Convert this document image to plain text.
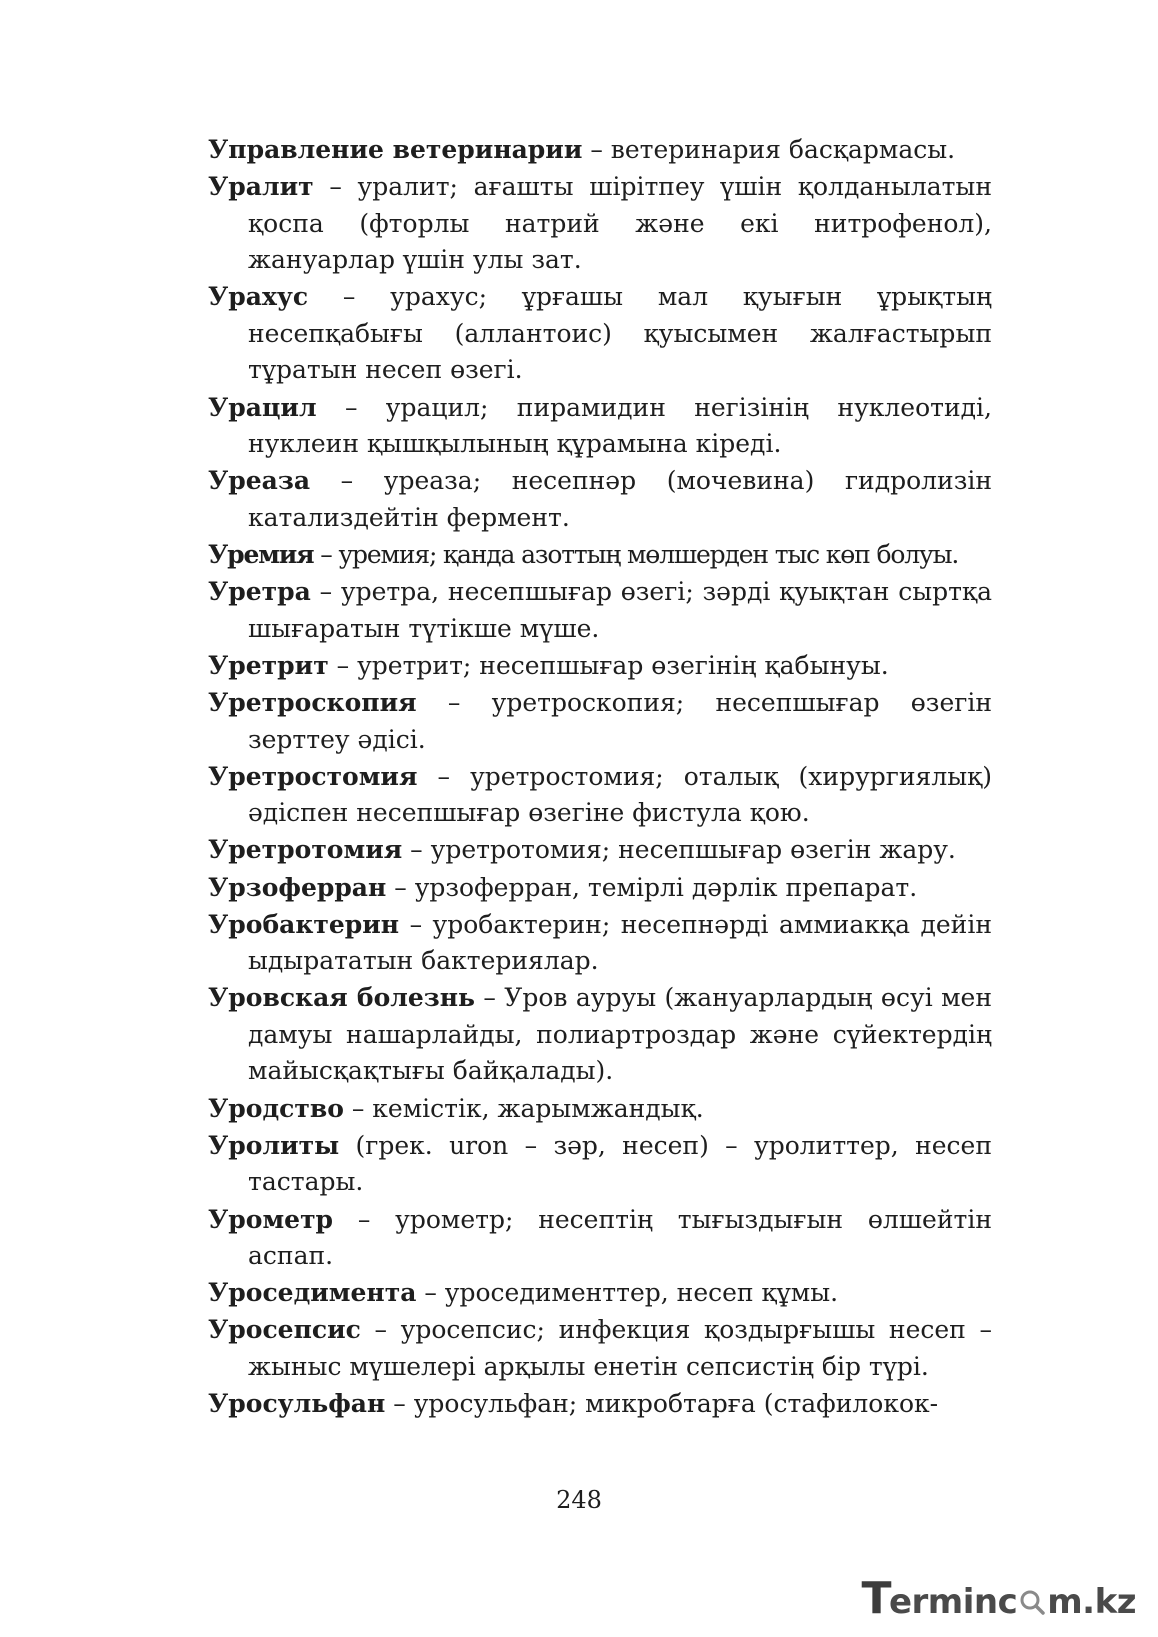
Управление ветеринарии – ветеринария басқармасы.

Уралит – уралит; ағашты шірітпеу үшін қолданылатын қоспа (фторлы натрий және екі нитрофенол), жануарлар үшін улы зат.

Урахус – урахус; ұрғашы мал қуығын ұрықтың несепқабығы (аллантоис) қуысымен жалғастырып тұратын несеп өзегі.

Урацил – урацил; пирамидин негізінің нуклеотиді, нуклеин қышқылының құрамына кіреді.

Уреаза – уреаза; несепнәр (мочевина) гидролизін катализдейтін фермент.

Уремия – уремия; қанда азоттың мөлшерден тыс көп болуы.

Уретра – уретра, несепшығар өзегі; зәрді қуықтан сыртқа шығаратын түтікше мүше.

Уретрит – уретрит; несепшығар өзегінің қабынуы.

Уретроскопия – уретроскопия; несепшығар өзегін зерттеу әдісі.

Уретростомия – уретростомия; оталық (хирургиялық) әдіспен несепшығар өзегіне фистула қою.

Уретротомия – уретротомия; несепшығар өзегін жару.

Урзоферран – урзоферран, темірлі дәрлік препарат.

Уробактерин – уробактерин; несепнәрді аммиакқа дейін ыдырататын бактериялар.

Уровская болезнь – Уров ауруы (жануарлардың өсуі мен дамуы нашарлайды, полиартроздар және сүйектердің майысқақтығы байқалады).

Уродство – кемістік, жарымжандық.

Уролиты (грек. uron – зәр, несеп) – уролиттер, несеп тастары.

Урометр – урометр; несептің тығыздығын өлшейтін аспап.

Уроседимента – уроседименттер, несеп құмы.

Уросепсис – уросепсис; инфекция қоздырғышы несеп – жыныс мүшелері арқылы енетін сепсистің бір түрі.

Уросульфан – уросульфан; микробтарға (стафилокок-

248
T
erminc m.kz
